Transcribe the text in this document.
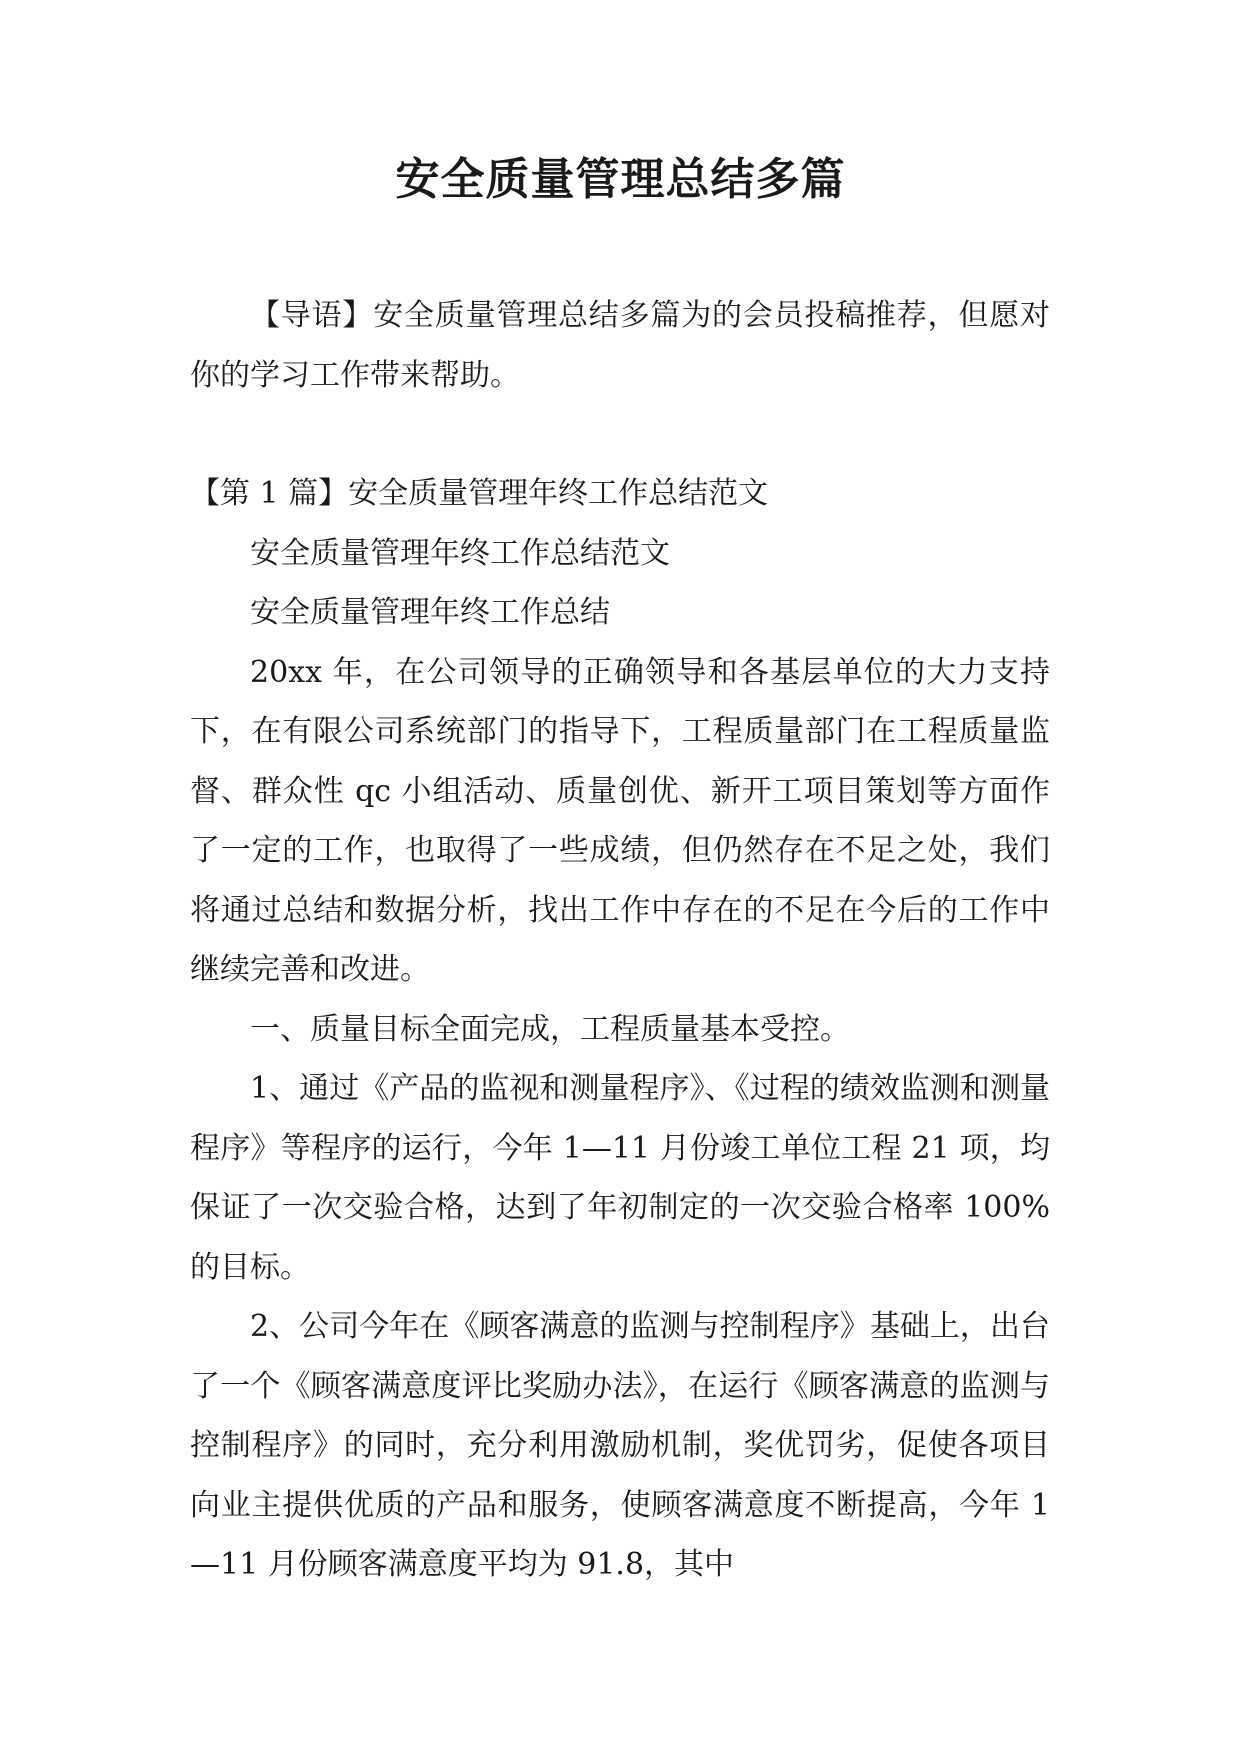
安全质量管理总结多篇

【导语】安全质量管理总结多篇为的会员投稿推荐，但愿对你的学习工作带来帮助。

【第 1 篇】安全质量管理年终工作总结范文

安全质量管理年终工作总结范文

安全质量管理年终工作总结

20xx 年，在公司领导的正确领导和各基层单位的大力支持下，在有限公司系统部门的指导下，工程质量部门在工程质量监督、群众性 qc 小组活动、质量创优、新开工项目策划等方面作了一定的工作，也取得了一些成绩，但仍然存在不足之处，我们将通过总结和数据分析，找出工作中存在的不足在今后的工作中继续完善和改进。

一、质量目标全面完成，工程质量基本受控。

1、通过《产品的监视和测量程序》、《过程的绩效监测和测量程序》等程序的运行，今年 1—11 月份竣工单位工程 21 项，均保证了一次交验合格，达到了年初制定的一次交验合格率 100%的目标。

2、公司今年在《顾客满意的监测与控制程序》基础上，出台了一个《顾客满意度评比奖励办法》，在运行《顾客满意的监测与控制程序》的同时，充分利用激励机制，奖优罚劣，促使各项目向业主提供优质的产品和服务，使顾客满意度不断提高，今年 1—11 月份顾客满意度平均为 91.8，其中
